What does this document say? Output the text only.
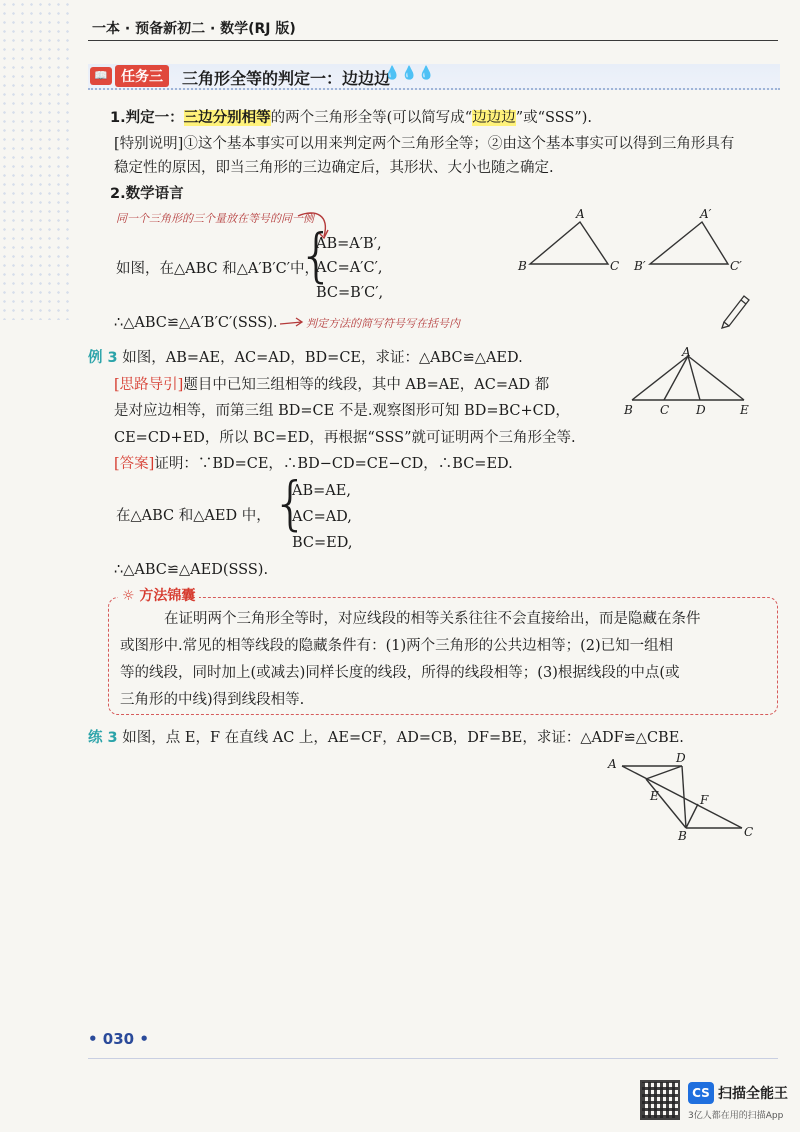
一本 · 预备新初二 · 数学(RJ 版)
📖 任务三	三角形全等的判定一：边边边
💧💧💧
1.判定一：三边分别相等的两个三角形全等(可以简写成“边边边”或“SSS”).
[特别说明]①这个基本事实可以用来判定两个三角形全等；②由这个基本事实可以得到三角形具有
稳定性的原因，即当三角形的三边确定后，其形状、大小也随之确定.
2.数学语言
同一个三角形的三个量放在等号的同一侧
如图，在△ABC 和△A′B′C′中，
{
AB=A′B′,
AC=A′C′,
BC=B′C′,
∴△ABC≌△A′B′C′(SSS).	判定方法的简写符号写在括号内
A
B	C
A′
B′	C′
例 3 如图，AB=AE，AC=AD，BD=CE，求证：△ABC≌△AED.
[思路导引]题目中已知三组相等的线段，其中 AB=AE，AC=AD 都
是对应边相等，而第三组 BD=CE 不是.观察图形可知 BD=BC+CD，
CE=CD+ED，所以 BC=ED，再根据“SSS”就可证明两个三角形全等.
[答案]证明：∵BD=CE，∴BD−CD=CE−CD，∴BC=ED.
在△ABC 和△AED 中， {
AB=AE,
AC=AD,
BC=ED,
∴△ABC≌△AED(SSS).
A
B C D	E
☼ 方法锦囊
在证明两个三角形全等时，对应线段的相等关系往往不会直接给出，而是隐藏在条件
或图形中.常见的相等线段的隐藏条件有：(1)两个三角形的公共边相等；(2)已知一组相
等的线段，同时加上(或减去)同样长度的线段，所得的线段相等；(3)根据线段的中点(或
三角形的中线)得到线段相等.
练 3 如图，点 E，F 在直线 AC 上，AE=CF，AD=CB，DF=BE，求证：△ADF≌△CBE.
A	D
E	F
B	C
• 030 •
CS 扫描全能王
3亿人都在用的扫描App
